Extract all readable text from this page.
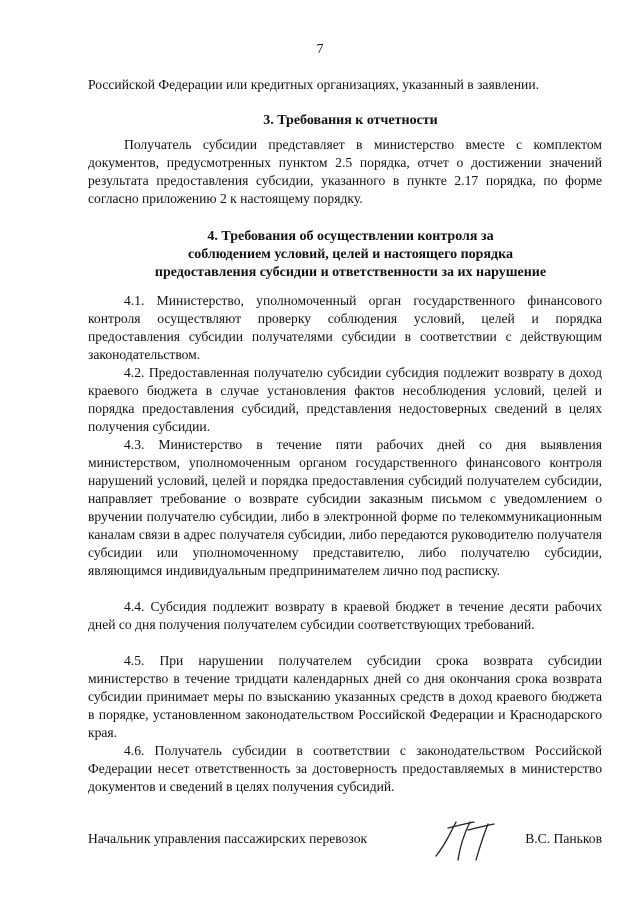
7

Российской Федерации или кредитных организациях, указанный в заявлении.

3. Требования к отчетности

Получатель субсидии представляет в министерство вместе с комплектом документов, предусмотренных пунктом 2.5 порядка, отчет о достижении значений результата предоставления субсидии, указанного в пункте 2.17 порядка, по форме согласно приложению 2 к настоящему порядку.

4. Требования об осуществлении контроля за
соблюдением условий, целей и настоящего порядка
предоставления субсидии и ответственности за их нарушение

4.1. Министерство, уполномоченный орган государственного финансового контроля осуществляют проверку соблюдения условий, целей и порядка предоставления субсидии получателями субсидии в соответствии с действующим законодательством.

4.2. Предоставленная получателю субсидии субсидия подлежит возврату в доход краевого бюджета в случае установления фактов несоблюдения условий, целей и порядка предоставления субсидий, представления недостоверных сведений в целях получения субсидии.

4.3. Министерство в течение пяти рабочих дней со дня выявления министерством, уполномоченным органом государственного финансового контроля нарушений условий, целей и порядка предоставления субсидий получателем субсидии, направляет требование о возврате субсидии заказным письмом с уведомлением о вручении получателю субсидии, либо в электронной форме по телекоммуникационным каналам связи в адрес получателя субсидии, либо передаются руководителю получателя субсидии или уполномоченному представителю, либо получателю субсидии, являющимся индивидуальным предпринимателем лично под расписку.

4.4. Субсидия подлежит возврату в краевой бюджет в течение десяти рабочих дней со дня получения получателем субсидии соответствующих требований.

4.5. При нарушении получателем субсидии срока возврата субсидии министерство в течение тридцати календарных дней со дня окончания срока возврата субсидии принимает меры по взысканию указанных средств в доход краевого бюджета в порядке, установленном законодательством Российской Федерации и Краснодарского края.

4.6. Получатель субсидии в соответствии с законодательством Российской Федерации несет ответственность за достоверность предоставляемых в министерство документов и сведений в целях получения субсидий.

Начальник управления пассажирских перевозок	В.С. Паньков
